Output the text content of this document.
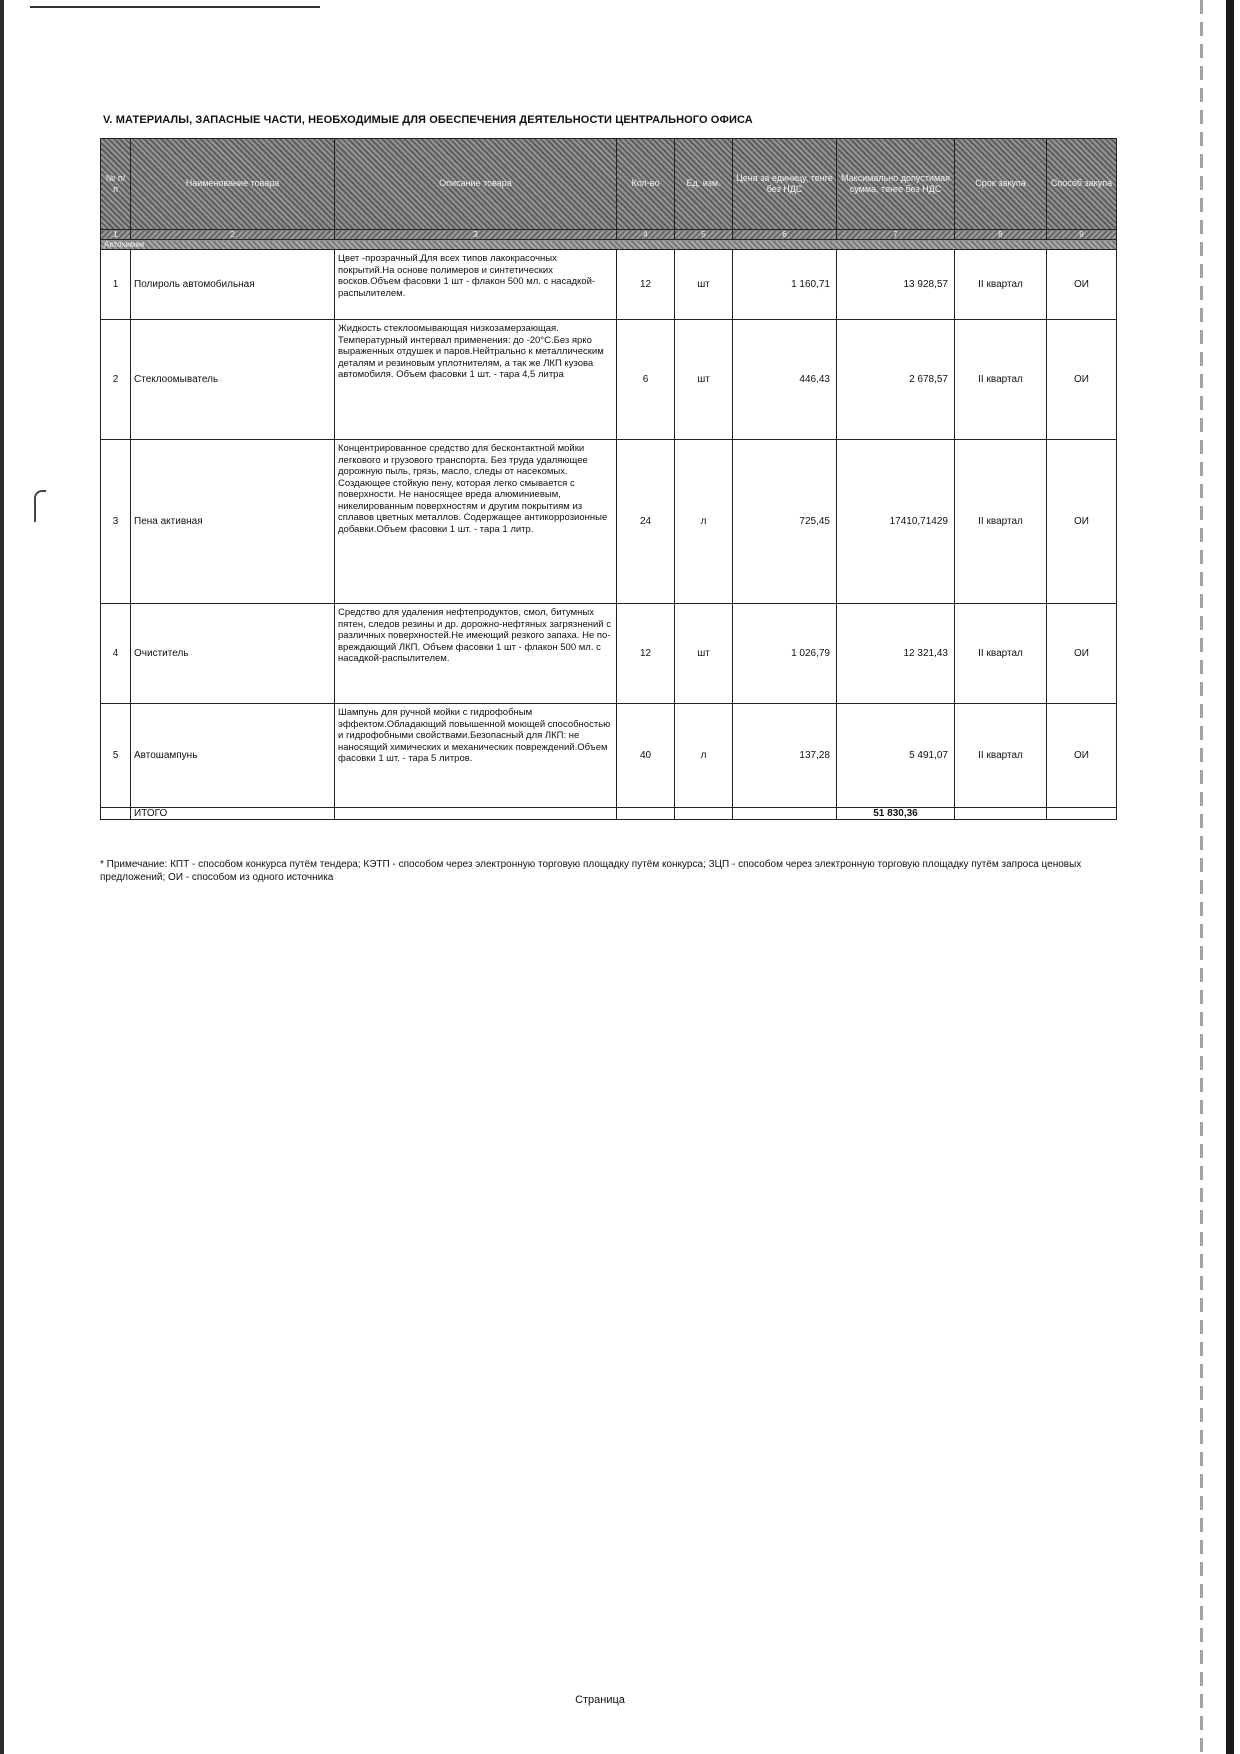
V. МАТЕРИАЛЫ, ЗАПАСНЫЕ ЧАСТИ, НЕОБХОДИМЫЕ ДЛЯ ОБЕСПЕЧЕНИЯ ДЕЯТЕЛЬНОСТИ ЦЕНТРАЛЬНОГО ОФИСА
№ п/п	Наименование товара	Описание товара	Кол-во	Ед. изм.	Цена за единицу, тенге без НДС	Максимально допустимая сумма, тенге без НДС	Срок закупа	Способ закупа
1	2	3	4	5	6	7	8	9
Автохимия								
1	Полироль автомобильная	Цвет -прозрачный.Для всех типов лакокрасочных покрытий.На основе полимеров и синтетических восков.Объем фасовки 1 шт - флакон 500 мл. с насадкой-распылителем.	12	шт	1 160,71	13 928,57	II квартал	ОИ
2	Стеклоомыватель	Жидкость стеклоомывающая низкозамерзающая. Температурный интервал применения: до -20°С.Без ярко выраженных отдушек и паров.Нейтрально к металлическим деталям и резиновым уплотнителям, а так же ЛКП кузова автомобиля. Объем фасовки 1 шт. - тара 4,5 литра	6	шт	446,43	2 678,57	II квартал	ОИ
3	Пена активная	Концентрированное средство для бесконтактной мойки легкового и грузового транспорта. Без труда удаляющее дорожную пыль, грязь, масло, следы от насекомых. Создающее стойкую пену, которая легко смывается с поверхности. Не наносящее вреда алюминиевым, никелированным поверхностям и другим покрытиям из сплавов цветных металлов. Содержащее антикоррозионные добавки.Объем фасовки 1 шт. - тара 1 литр.	24	л	725,45	17410,71429	II квартал	ОИ
4	Очиститель	Средство для удаления нефтепродуктов, смол, битумных пятен, следов резины и др. дорожно-нефтяных загрязнений с различных поверхностей.Не имеющий резкого запаха. Не по- вреждающий ЛКП. Объем фасовки 1 шт - флакон 500 мл. с насадкой-распылителем.	12	шт	1 026,79	12 321,43	II квартал	ОИ
5	Автошампунь	Шампунь для ручной мойки с гидрофобным эффектом.Обладающий повышенной моющей способностью и гидрофобными свойствами.Безопасный для ЛКП: не наносящий химических и механических повреждений.Объем фасовки 1 шт. - тара 5 литров.	40	л	137,28	5 491,07	II квартал	ОИ
	ИТОГО					51 830,36		
* Примечание: КПТ - способом конкурса путём тендера; КЭТП - способом через электронную торговую площадку путём конкурса; ЗЦП - способом через электронную торговую площадку путём запроса ценовых предложений; ОИ - способом из одного источника
Страница
